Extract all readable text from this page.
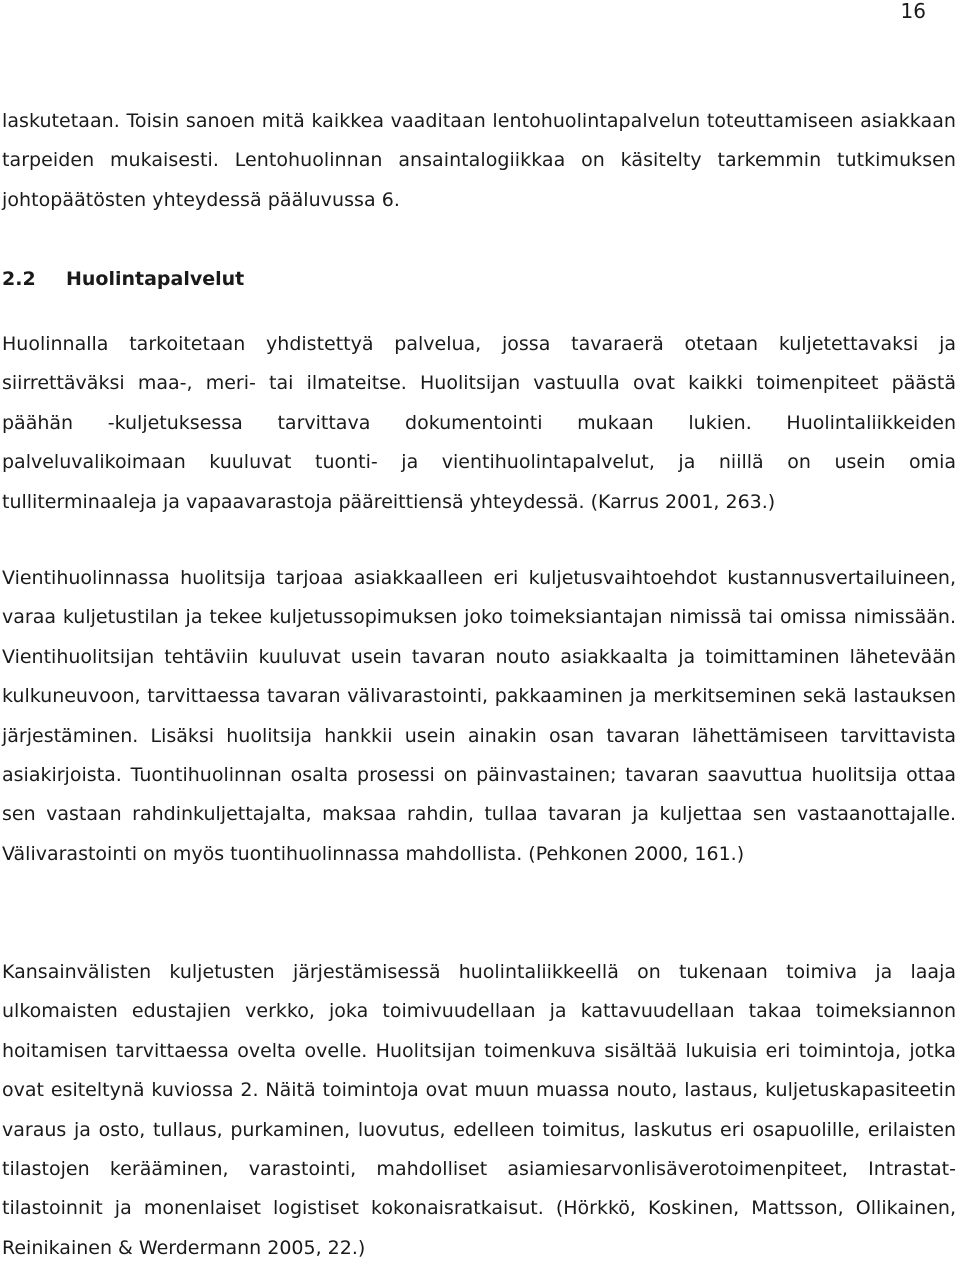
16

laskutetaan. Toisin sanoen mitä kaikkea vaaditaan lentohuolintapalvelun toteuttamiseen asiakkaan tarpeiden mukaisesti. Lentohuolinnan ansaintalogiikkaa on käsitelty tarkemmin tutkimuksen johtopäätösten yhteydessä pääluvussa 6.

2.2 Huolintapalvelut

Huolinnalla tarkoitetaan yhdistettyä palvelua, jossa tavaraerä otetaan kuljetettavaksi ja siirrettäväksi maa-, meri- tai ilmateitse. Huolitsijan vastuulla ovat kaikki toimenpiteet päästä päähän -kuljetuksessa tarvittava dokumentointi mukaan lukien. Huolintaliikkeiden palveluvalikoimaan kuuluvat tuonti- ja vientihuolintapalvelut, ja niillä on usein omia tulliterminaaleja ja vapaavarastoja pääreittiensä yhteydessä. (Karrus 2001, 263.)

Vientihuolinnassa huolitsija tarjoaa asiakkaalleen eri kuljetusvaihtoehdot kustannusvertailuineen, varaa kuljetustilan ja tekee kuljetussopimuksen joko toimeksiantajan nimissä tai omissa nimissään. Vientihuolitsijan tehtäviin kuuluvat usein tavaran nouto asiakkaalta ja toimittaminen lähetevään kulkuneuvoon, tarvittaessa tavaran välivarastointi, pakkaaminen ja merkitseminen sekä lastauksen järjestäminen. Lisäksi huolitsija hankkii usein ainakin osan tavaran lähettämiseen tarvittavista asiakirjoista. Tuontihuolinnan osalta prosessi on päinvastainen; tavaran saavuttua huolitsija ottaa sen vastaan rahdinkuljettajalta, maksaa rahdin, tullaa tavaran ja kuljettaa sen vastaanottajalle. Välivarastointi on myös tuontihuolinnassa mahdollista. (Pehkonen 2000, 161.)

Kansainvälisten kuljetusten järjestämisessä huolintaliikkeellä on tukenaan toimiva ja laaja ulkomaisten edustajien verkko, joka toimivuudellaan ja kattavuudellaan takaa toimeksiannon hoitamisen tarvittaessa ovelta ovelle. Huolitsijan toimenkuva sisältää lukuisia eri toimintoja, jotka ovat esiteltynä kuviossa 2. Näitä toimintoja ovat muun muassa nouto, lastaus, kuljetuskapasiteetin varaus ja osto, tullaus, purkaminen, luovutus, edelleen toimitus, laskutus eri osapuolille, erilaisten tilastojen kerääminen, varastointi, mahdolliset asiamiesarvonlisäverotoimenpiteet, Intrastat-tilastoinnit ja monenlaiset logistiset kokonaisratkaisut. (Hörkkö, Koskinen, Mattsson, Ollikainen, Reinikainen & Werdermann 2005, 22.)
